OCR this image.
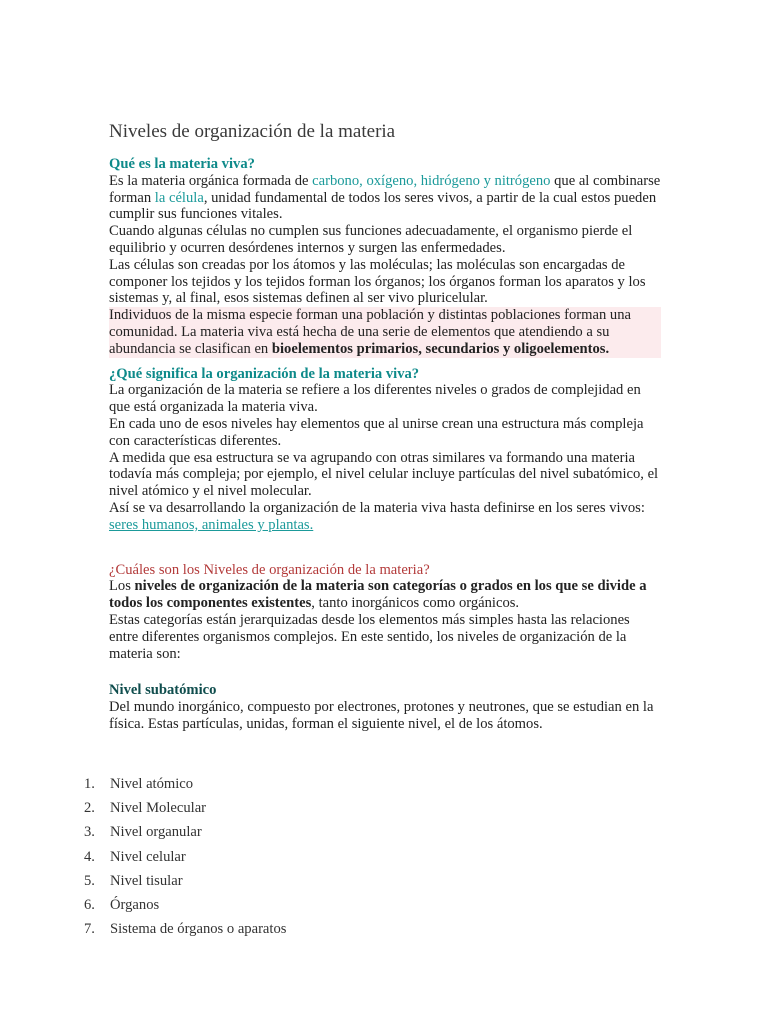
Niveles de organización de la materia

Qué es la materia viva?

Es la materia orgánica formada de carbono, oxígeno, hidrógeno y nitrógeno que al combinarse forman la célula, unidad fundamental de todos los seres vivos, a partir de la cual estos pueden cumplir sus funciones vitales.

Cuando algunas células no cumplen sus funciones adecuadamente, el organismo pierde el equilibrio y ocurren desórdenes internos y surgen las enfermedades.

Las células son creadas por los átomos y las moléculas; las moléculas son encargadas de componer los tejidos y los tejidos forman los órganos; los órganos forman los aparatos y los sistemas y, al final, esos sistemas definen al ser vivo pluricelular.

Individuos de la misma especie forman una población y distintas poblaciones forman una comunidad. La materia viva está hecha de una serie de elementos que atendiendo a su abundancia se clasifican en bioelementos primarios, secundarios y oligoelementos.

¿Qué significa la organización de la materia viva?

La organización de la materia se refiere a los diferentes niveles o grados de complejidad en que está organizada la materia viva.

En cada uno de esos niveles hay elementos que al unirse crean una estructura más compleja con características diferentes.

A medida que esa estructura se va agrupando con otras similares va formando una materia todavía más compleja; por ejemplo, el nivel celular incluye partículas del nivel subatómico, el nivel atómico y el nivel molecular.

Así se va desarrollando la organización de la materia viva hasta definirse en los seres vivos: seres humanos, animales y plantas.

¿Cuáles son los Niveles de organización de la materia?

Los niveles de organización de la materia son categorías o grados en los que se divide a todos los componentes existentes, tanto inorgánicos como orgánicos.

Estas categorías están jerarquizadas desde los elementos más simples hasta las relaciones entre diferentes organismos complejos. En este sentido, los niveles de organización de la materia son:

Nivel subatómico

Del mundo inorgánico, compuesto por electrones, protones y neutrones, que se estudian en la física. Estas partículas, unidas, forman el siguiente nivel, el de los átomos.

1.	Nivel atómico
2.	Nivel Molecular
3.	Nivel organular
4.	Nivel celular
5.	Nivel tisular
6.	Órganos
7.	Sistema de órganos o aparatos
